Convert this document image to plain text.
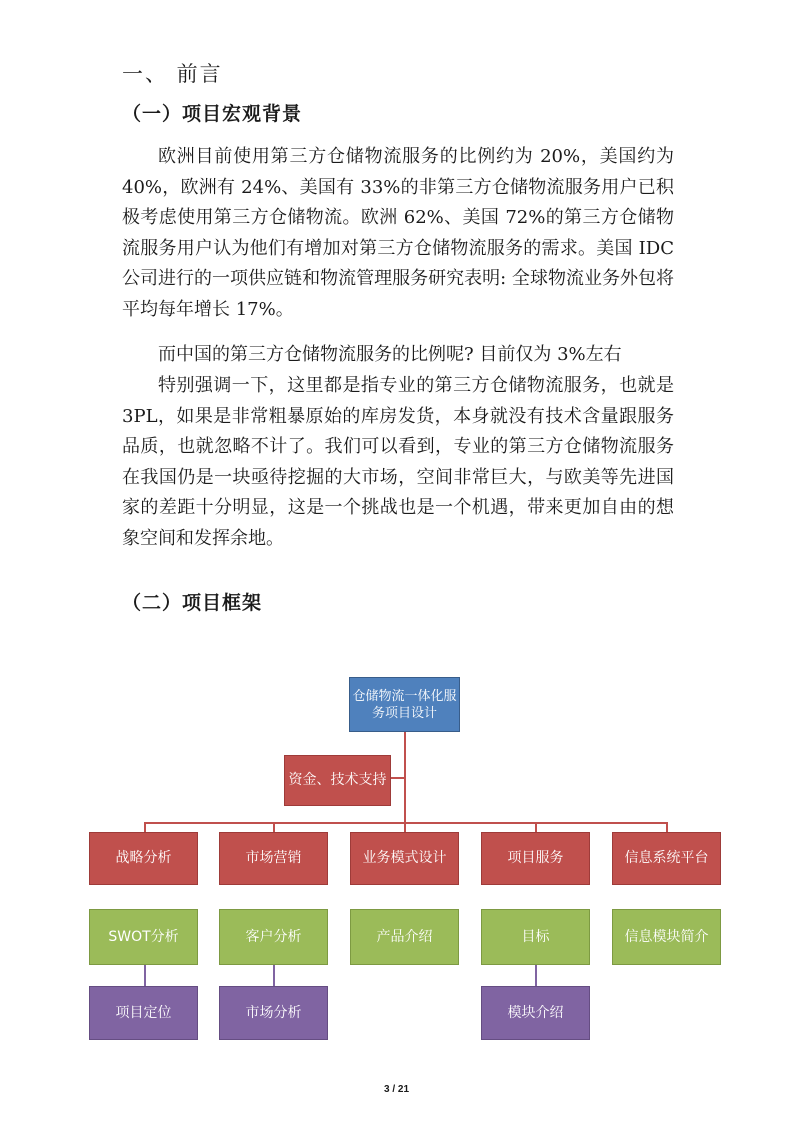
一、 前言
（一）项目宏观背景

欧洲目前使用第三方仓储物流服务的比例约为 20%，美国约为 40%，欧洲有 24%、美国有 33%的非第三方仓储物流服务用户已积极考虑使用第三方仓储物流。欧洲 62%、美国 72%的第三方仓储物流服务用户认为他们有增加对第三方仓储物流服务的需求。美国 IDC 公司进行的一项供应链和物流管理服务研究表明: 全球物流业务外包将平均每年增长 17%。

而中国的第三方仓储物流服务的比例呢? 目前仅为 3%左右

特别强调一下，这里都是指专业的第三方仓储物流服务，也就是 3PL，如果是非常粗暴原始的库房发货，本身就没有技术含量跟服务品质，也就忽略不计了。我们可以看到，专业的第三方仓储物流服务在我国仍是一块亟待挖掘的大市场，空间非常巨大，与欧美等先进国家的差距十分明显，这是一个挑战也是一个机遇，带来更加自由的想象空间和发挥余地。

（二）项目框架
仓储物流一体化服务项目设计
资金、技术支持
战略分析	市场营销	业务模式设计	项目服务	信息系统平台
SWOT分析	客户分析	产品介绍	目标	信息模块简介
项目定位	市场分析	模块介绍
3 / 21
